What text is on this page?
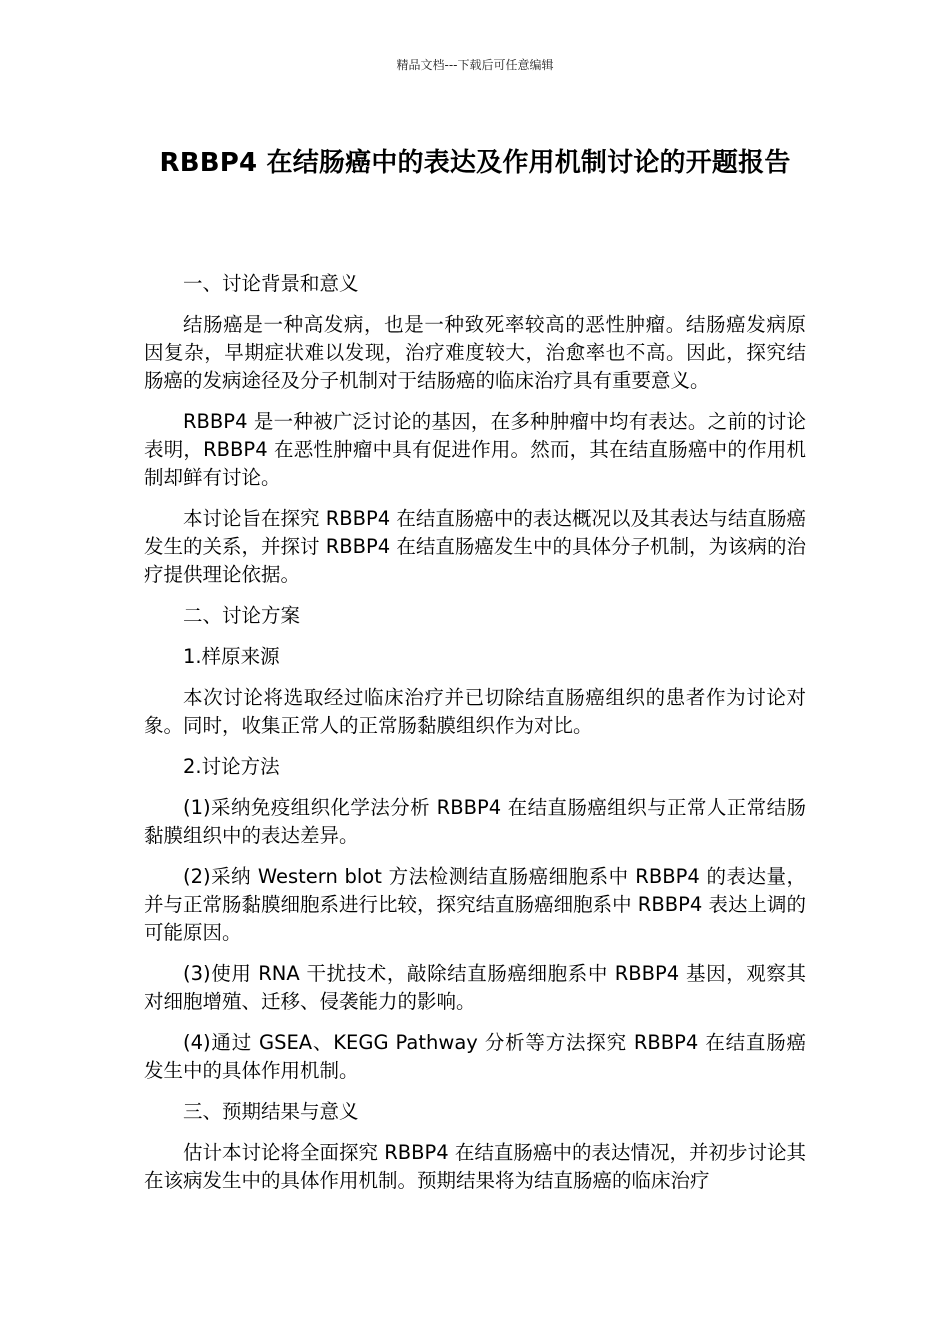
精品文档---下载后可任意编辑
RBBP4 在结肠癌中的表达及作用机制讨论的开题报告

一、讨论背景和意义

结肠癌是一种高发病，也是一种致死率较高的恶性肿瘤。结肠癌发病原因复杂，早期症状难以发现，治疗难度较大，治愈率也不高。因此，探究结肠癌的发病途径及分子机制对于结肠癌的临床治疗具有重要意义。

RBBP4 是一种被广泛讨论的基因，在多种肿瘤中均有表达。之前的讨论表明，RBBP4 在恶性肿瘤中具有促进作用。然而，其在结直肠癌中的作用机制却鲜有讨论。

本讨论旨在探究 RBBP4 在结直肠癌中的表达概况以及其表达与结直肠癌发生的关系，并探讨 RBBP4 在结直肠癌发生中的具体分子机制，为该病的治疗提供理论依据。

二、讨论方案

1.样原来源

本次讨论将选取经过临床治疗并已切除结直肠癌组织的患者作为讨论对象。同时，收集正常人的正常肠黏膜组织作为对比。

2.讨论方法

(1)采纳免疫组织化学法分析 RBBP4 在结直肠癌组织与正常人正常结肠黏膜组织中的表达差异。

(2)采纳 Western blot 方法检测结直肠癌细胞系中 RBBP4 的表达量，并与正常肠黏膜细胞系进行比较，探究结直肠癌细胞系中 RBBP4 表达上调的可能原因。

(3)使用 RNA 干扰技术，敲除结直肠癌细胞系中 RBBP4 基因，观察其对细胞增殖、迁移、侵袭能力的影响。

(4)通过 GSEA、KEGG Pathway 分析等方法探究 RBBP4 在结直肠癌发生中的具体作用机制。

三、预期结果与意义

估计本讨论将全面探究 RBBP4 在结直肠癌中的表达情况，并初步讨论其在该病发生中的具体作用机制。预期结果将为结直肠癌的临床治疗
